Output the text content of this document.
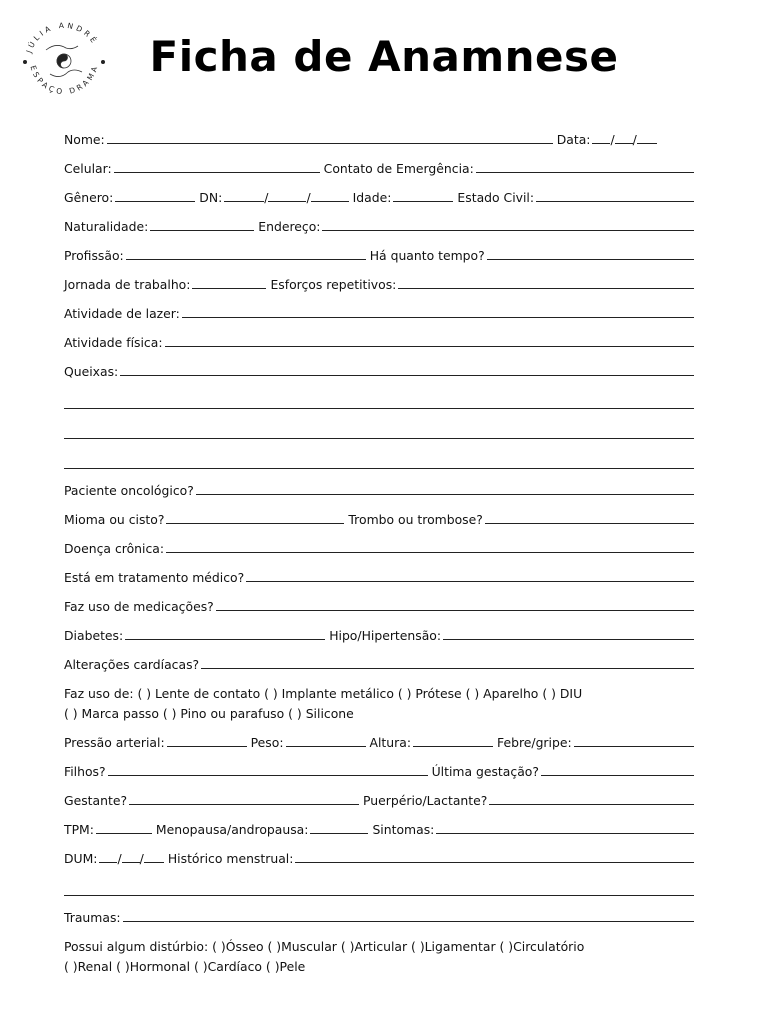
JÚLIA ANDRÉ
ESPAÇO DRAMA	Ficha de Anamnese
Nome:	Data: / /
Celular:	Contato de Emergência:
Gênero:	DN:	/	/	Idade:	Estado Civil:
Naturalidade:	Endereço:
Profissão:	Há quanto tempo?
Jornada de trabalho:	Esforços repetitivos:
Atividade de lazer:
Atividade física:
Queixas:
Paciente oncológico?
Mioma ou cisto?	Trombo ou trombose?
Doença crônica:
Está em tratamento médico?
Faz uso de medicações?
Diabetes:	Hipo/Hipertensão:
Alterações cardíacas?
Faz uso de: ( ) Lente de contato ( ) Implante metálico ( ) Prótese ( ) Aparelho ( ) DIU
( ) Marca passo ( ) Pino ou parafuso ( ) Silicone
Pressão arterial:	Peso:	Altura:	Febre/gripe:
Filhos?	Última gestação?
Gestante?	Puerpério/Lactante?
TPM:	Menopausa/andropausa:	Sintomas:
DUM: / / Histórico menstrual:
Traumas:
Possui algum distúrbio: ( )Ósseo ( )Muscular ( )Articular ( )Ligamentar ( )Circulatório
( )Renal ( )Hormonal ( )Cardíaco ( )Pele
